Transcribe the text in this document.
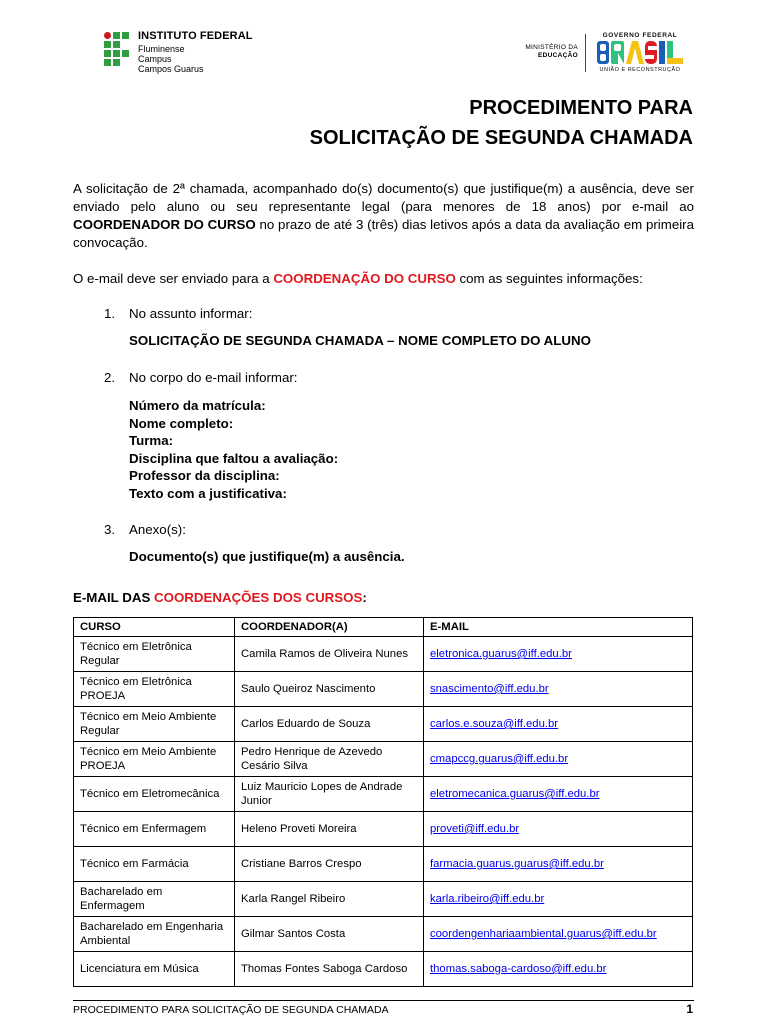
INSTITUTO FEDERAL
Fluminense
Campus
Campos Guarus
MINISTÉRIO DA
EDUCAÇÃO
GOVERNO FEDERAL
UNIÃO E RECONSTRUÇÃO
PROCEDIMENTO PARA
SOLICITAÇÃO DE SEGUNDA CHAMADA
A solicitação de 2ª chamada, acompanhado do(s) documento(s) que justifique(m) a ausência, deve ser enviado pelo aluno ou seu representante legal (para menores de 18 anos) por e-mail ao COORDENADOR DO CURSO no prazo de até 3 (três) dias letivos após a data da avaliação em primeira convocação.
O e-mail deve ser enviado para a COORDENAÇÃO DO CURSO com as seguintes informações:
1. No assunto informar:
SOLICITAÇÃO DE SEGUNDA CHAMADA – NOME COMPLETO DO ALUNO
2. No corpo do e-mail informar:
Número da matrícula:
Nome completo:
Turma:
Disciplina que faltou a avaliação:
Professor da disciplina:
Texto com a justificativa:
3. Anexo(s):
Documento(s) que justifique(m) a ausência.
E-MAIL DAS COORDENAÇÕES DOS CURSOS:
CURSO	COORDENADOR(A)	E-MAIL
Técnico em Eletrônica Regular	Camila Ramos de Oliveira Nunes	eletronica.guarus@iff.edu.br
Técnico em Eletrônica PROEJA	Saulo Queiroz Nascimento	snascimento@iff.edu.br
Técnico em Meio Ambiente Regular	Carlos Eduardo de Souza	carlos.e.souza@iff.edu.br
Técnico em Meio Ambiente PROEJA	Pedro Henrique de Azevedo Cesário Silva	cmapccg.guarus@iff.edu.br
Técnico em Eletromecânica	Luiz Mauricio Lopes de Andrade Junior	eletromecanica.guarus@iff.edu.br
Técnico em Enfermagem	Heleno Proveti Moreira	proveti@iff.edu.br
Técnico em Farmácia	Cristiane Barros Crespo	farmacia.guarus.guarus@iff.edu.br
Bacharelado em Enfermagem	Karla Rangel Ribeiro	karla.ribeiro@iff.edu.br
Bacharelado em Engenharia Ambiental	Gilmar Santos Costa	coordengenhariaambiental.guarus@iff.edu.br
Licenciatura em Música	Thomas Fontes Saboga Cardoso	thomas.saboga-cardoso@iff.edu.br
PROCEDIMENTO PARA SOLICITAÇÃO DE SEGUNDA CHAMADA	1
